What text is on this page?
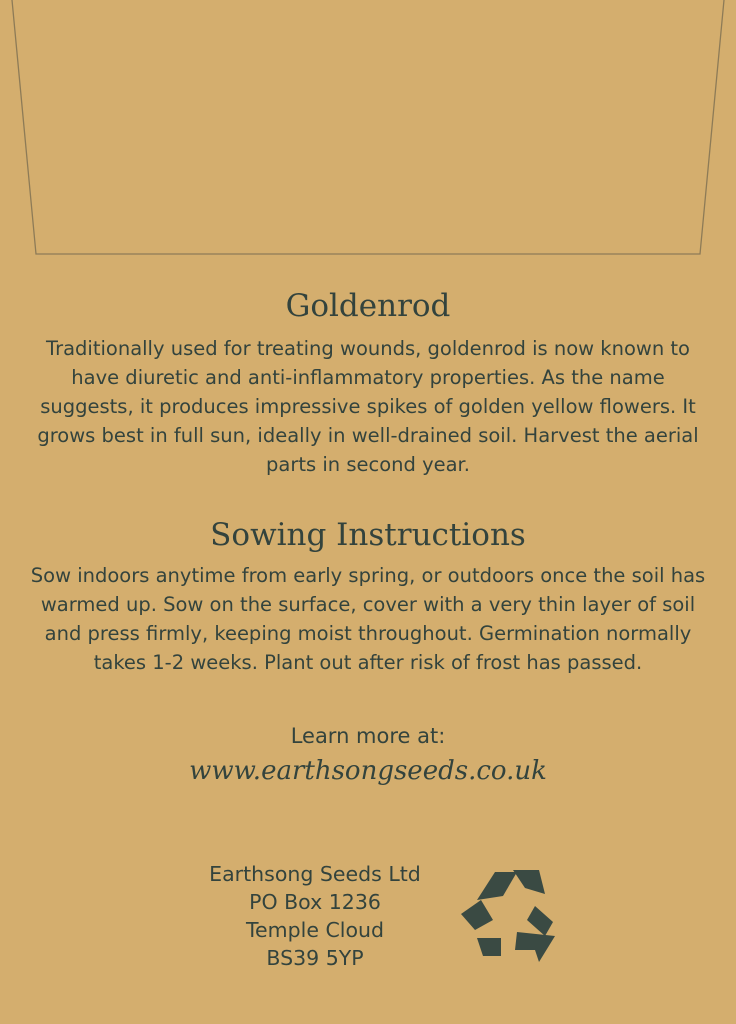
Goldenrod

Traditionally used for treating wounds, goldenrod is now known to have diuretic and anti-inflammatory properties. As the name suggests, it produces impressive spikes of golden yellow flowers. It grows best in full sun, ideally in well-drained soil. Harvest the aerial parts in second year.

Sowing Instructions

Sow indoors anytime from early spring, or outdoors once the soil has warmed up. Sow on the surface, cover with a very thin layer of soil and press firmly, keeping moist throughout. Germination normally takes 1-2 weeks. Plant out after risk of frost has passed.

Learn more at:
www.earthsongseeds.co.uk
Earthsong Seeds Ltd
PO Box 1236
Temple Cloud
BS39 5YP
